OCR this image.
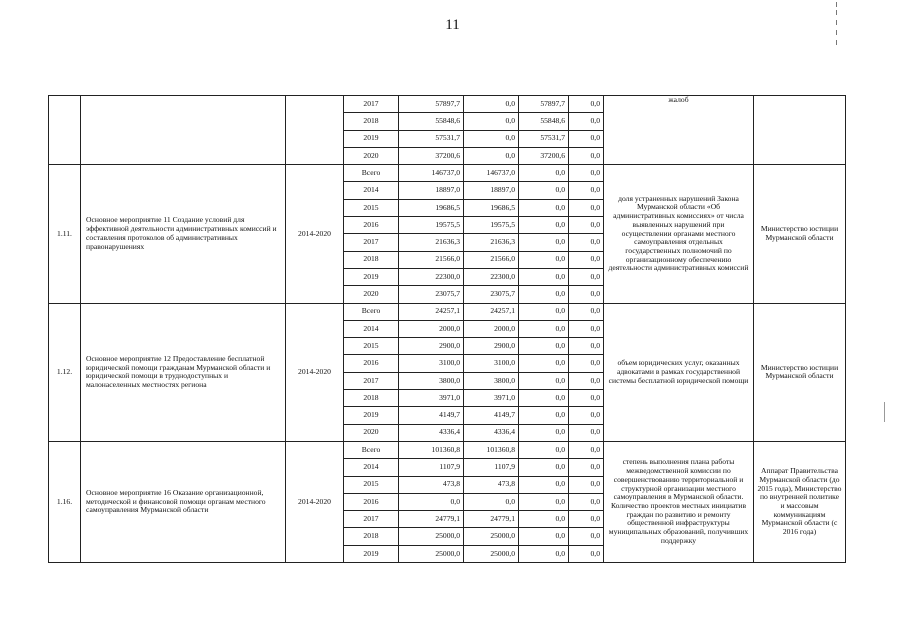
11
			2017	57897,7	0,0	57897,7	0,0	жалоб	
			2018	55848,6	0,0	55848,6	0,0		
			2019	57531,7	0,0	57531,7	0,0		
			2020	37200,6	0,0	37200,6	0,0		
1.11.	Основное мероприятие 11 Создание условий для эффективной деятельности административных комиссий и составления протоколов об административных правонарушениях	2014-2020	Всего	146737,0	146737,0	0,0	0,0	доля устраненных нарушений Закона Мурманской области «Об административных комиссиях» от числа выявленных нарушений при осуществлении органами местного самоуправления отдельных государственных полномочий по организационному обеспечению деятельности административных комиссий	Министерство юстиции Мурманской области
			2014	18897,0	18897,0	0,0	0,0		
			2015	19686,5	19686,5	0,0	0,0		
			2016	19575,5	19575,5	0,0	0,0		
			2017	21636,3	21636,3	0,0	0,0		
			2018	21566,0	21566,0	0,0	0,0		
			2019	22300,0	22300,0	0,0	0,0		
			2020	23075,7	23075,7	0,0	0,0		
1.12.	Основное мероприятие 12 Предоставление бесплатной юридической помощи гражданам Мурманской области и юридической помощи в труднодоступных и малонаселенных местностях региона	2014-2020	Всего	24257,1	24257,1	0,0	0,0	объем юридических услуг, оказанных адвокатами в рамках государственной системы бесплатной юридической помощи	Министерство юстиции Мурманской области
			2014	2000,0	2000,0	0,0	0,0		
			2015	2900,0	2900,0	0,0	0,0		
			2016	3100,0	3100,0	0,0	0,0		
			2017	3800,0	3800,0	0,0	0,0		
			2018	3971,0	3971,0	0,0	0,0		
			2019	4149,7	4149,7	0,0	0,0		
			2020	4336,4	4336,4	0,0	0,0		
1.16.	Основное мероприятие 16 Оказание организационной, методической и финансовой помощи органам местного самоуправления Мурманской области	2014-2020	Всего	101360,8	101360,8	0,0	0,0	степень выполнения плана работы межведомственной комиссии по совершенствованию территориальной и структурной организации местного самоуправления в Мурманской области. Количество проектов местных инициатив граждан по развитию и ремонту общественной инфраструктуры муниципальных образований, получивших поддержку	Аппарат Правительства Мурманской области (до 2015 года), Министерство по внутренней политике и массовым коммуникациям Мурманской области (с 2016 года)
			2014	1107,9	1107,9	0,0	0,0		
			2015	473,8	473,8	0,0	0,0		
			2016	0,0	0,0	0,0	0,0		
			2017	24779,1	24779,1	0,0	0,0		
			2018	25000,0	25000,0	0,0	0,0		
			2019	25000,0	25000,0	0,0	0,0		
